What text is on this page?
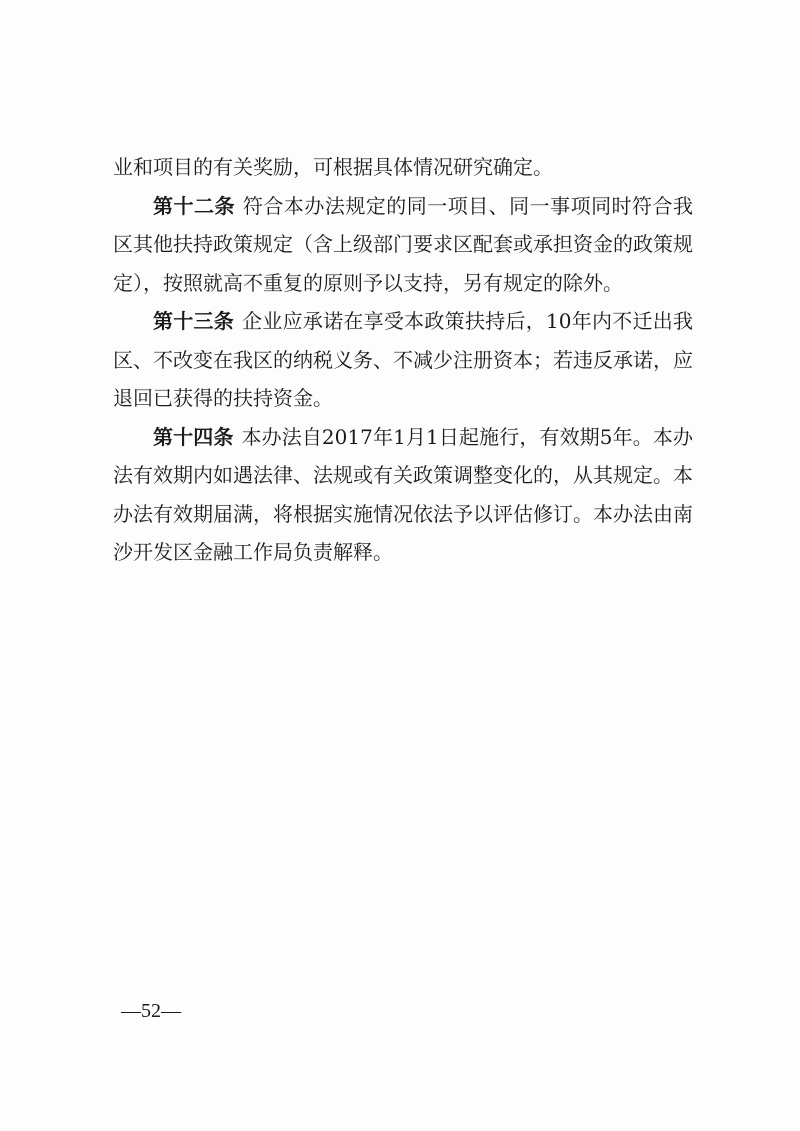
业和项目的有关奖励，可根据具体情况研究确定。

第十二条 符合本办法规定的同一项目、同一事项同时符合我区其他扶持政策规定（含上级部门要求区配套或承担资金的政策规定），按照就高不重复的原则予以支持，另有规定的除外。

第十三条 企业应承诺在享受本政策扶持后，10年内不迁出我区、不改变在我区的纳税义务、不减少注册资本；若违反承诺，应退回已获得的扶持资金。

第十四条 本办法自2017年1月1日起施行，有效期5年。本办法有效期内如遇法律、法规或有关政策调整变化的，从其规定。本办法有效期届满，将根据实施情况依法予以评估修订。本办法由南沙开发区金融工作局负责解释。

—52—
